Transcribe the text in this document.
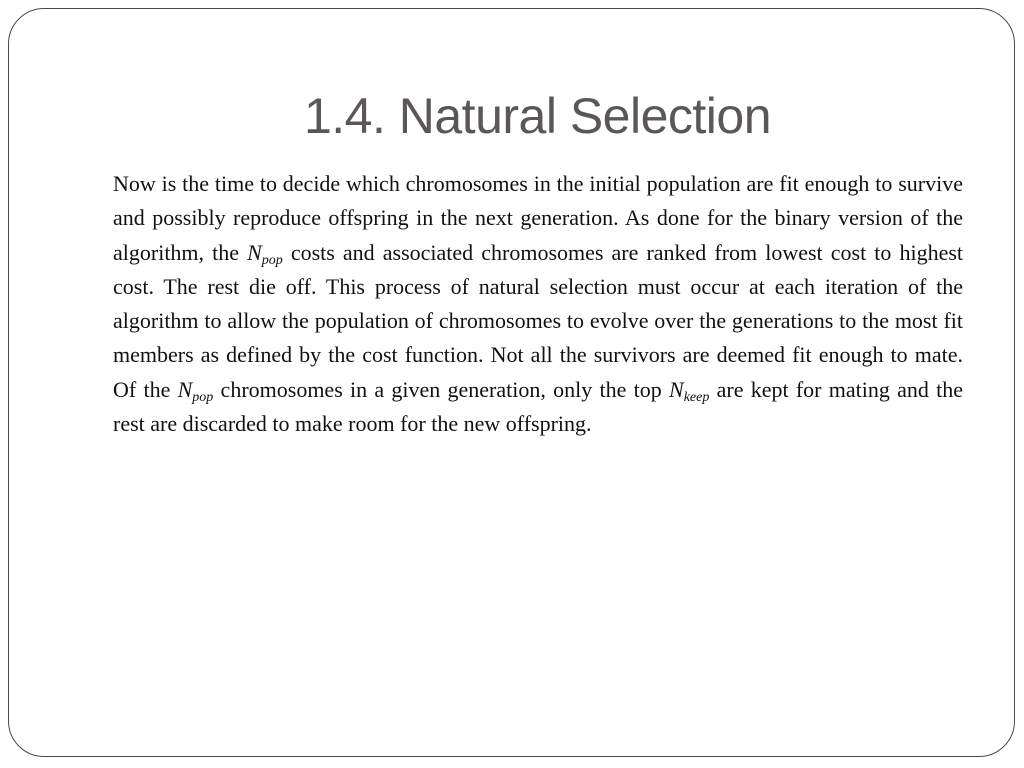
1.4. Natural Selection

Now is the time to decide which chromosomes in the initial population are fit enough to survive and possibly reproduce offspring in the next generation. As done for the binary version of the algorithm, the $N_{pop}$ costs and associated chromosomes are ranked from lowest cost to highest cost. The rest die off. This process of natural selection must occur at each iteration of the algorithm to allow the population of chromosomes to evolve over the generations to the most fit members as defined by the cost function. Not all the survivors are deemed fit enough to mate. Of the $N_{pop}$ chromosomes in a given generation, only the top $N_{keep}$ are kept for mating and the rest are discarded to make room for the new offspring.
